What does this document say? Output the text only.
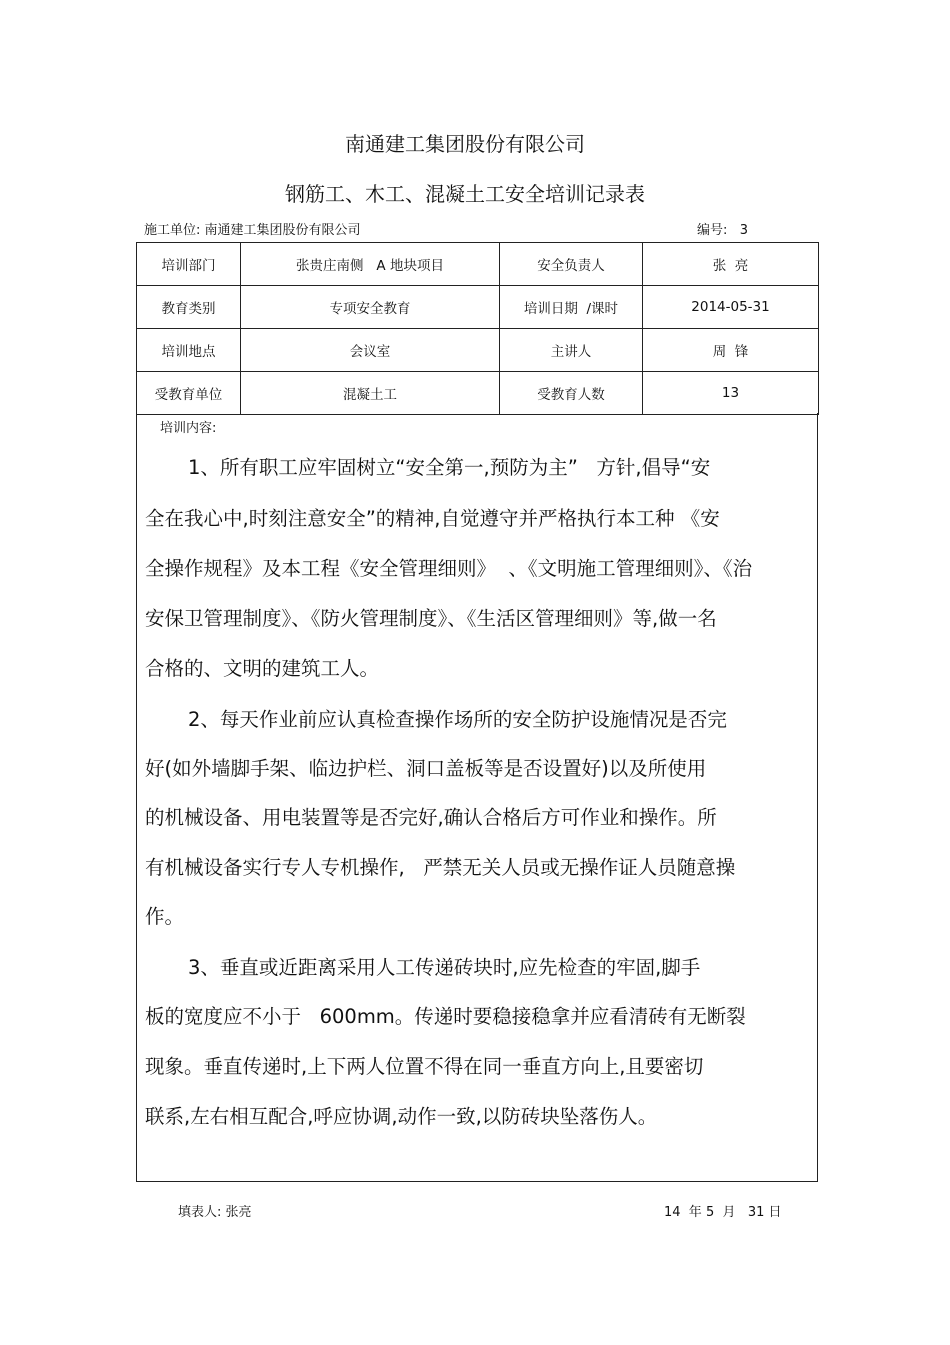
南通建工集团股份有限公司
钢筋工、木工、混凝土工安全培训记录表
施工单位: 南通建工集团股份有限公司	编号: 3
培训部门	张贵庄南侧   A 地块项目	安全负责人	张  亮
教育类别	专项安全教育	培训日期  /课时	2014-05-31
培训地点	会议室	主讲人	周  锋
受教育单位	混凝土工	受教育人数	13
培训内容:
1、所有职工应牢固树立“安全第一,预防为主”   方针,倡导“安
全在我心中,时刻注意安全”的精神,自觉遵守并严格执行本工种 《安
全操作规程》及本工程《安全管理细则》  、《文明施工管理细则》、《治
安保卫管理制度》、《防火管理制度》、《生活区管理细则》等,做一名
合格的、文明的建筑工人。
2、每天作业前应认真检查操作场所的安全防护设施情况是否完
好(如外墙脚手架、临边护栏、洞口盖板等是否设置好)以及所使用
的机械设备、用电装置等是否完好,确认合格后方可作业和操作。所
有机械设备实行专人专机操作,   严禁无关人员或无操作证人员随意操
作。
3、垂直或近距离采用人工传递砖块时,应先检查的牢固,脚手
板的宽度应不小于   600mm。传递时要稳接稳拿并应看清砖有无断裂
现象。垂直传递时,上下两人位置不得在同一垂直方向上,且要密切
联系,左右相互配合,呼应协调,动作一致,以防砖块坠落伤人。
填表人: 张亮	14  年 5  月   31 日
